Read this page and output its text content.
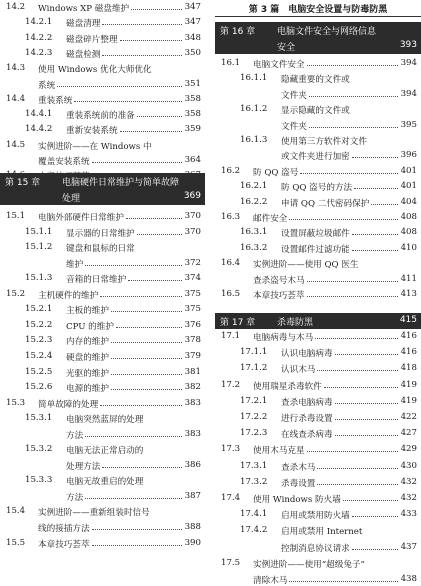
14.2 Windows XP 磁盘维护	347
14.2.1 磁盘清理	347
14.2.2 磁盘碎片整理	348
14.2.3 磁盘检测	350
14.3 使用 Windows 优化大师优化
系统	351
14.4 重装系统	358
14.4.1 重装系统前的准备	358
14.4.2 重新安装系统	359
14.5 实例进阶——在 Windows 中
覆盖安装系统	364
第 15 章 电脑硬件日常维护与简单故障
处理	369
15.1 电脑外部硬件日常维护	370
15.1.1 显示器的日常维护	370
15.1.2 键盘和鼠标的日常
维护	372
15.1.3 音箱的日常维护	374
15.2 主机硬件的维护	375
15.2.1 主板的维护	375
15.2.2 CPU 的维护	376
15.2.3 内存的维护	378
15.2.4 硬盘的维护	379
15.2.5 光驱的维护	381
15.2.6 电源的维护	382
15.3 简单故障的处理	383
15.3.1 电脑突然蓝屏的处理
方法	383
15.3.2 电脑无法正常启动的
处理方法	386
15.3.3 电脑无故重启的处理
方法	387
15.4 实例进阶——重新组装时信号
线的接插方法	388
15.5 本章技巧荟萃	390
第 3 篇　电脑安全设置与防毒防黑
第 16 章 电脑文件安全与网络信息
安全	393
16.1 电脑文件安全	394
16.1.1 隐藏重要的文件或
文件夹	394
16.1.2 显示隐藏的文件或
文件夹	395
16.1.3 使用第三方软件对文件
或文件夹进行加密	396
16.2 防 QQ 盗号	401
16.2.1 防 QQ 盗号的方法	401
16.2.2 申请 QQ 二代密码保护	404
16.3 邮件安全	408
16.3.1 设置屏蔽垃圾邮件	408
16.3.2 设置邮件过滤功能	410
16.4 实例进阶——使用 QQ 医生
查杀盗号木马	411
16.5 本章技巧荟萃	413
第 17 章 杀毒防黑	415
17.1 电脑病毒与木马	416
17.1.1 认识电脑病毒	416
17.1.2 认识木马	418
17.2 使用瑞星杀毒软件	419
17.2.1 查杀电脑病毒	419
17.2.2 进行杀毒设置	422
17.2.3 在线查杀病毒	427
17.3 使用木马克星	429
17.3.1 查杀木马	430
17.3.2 杀毒设置	432
17.4 使用 Windows 防火墙	432
17.4.1 启用或禁用防火墙	433
17.4.2 启用或禁用 Internet
控制消息协议请求	437
17.5 实例进阶——使用“超级兔子”
清除木马	438
